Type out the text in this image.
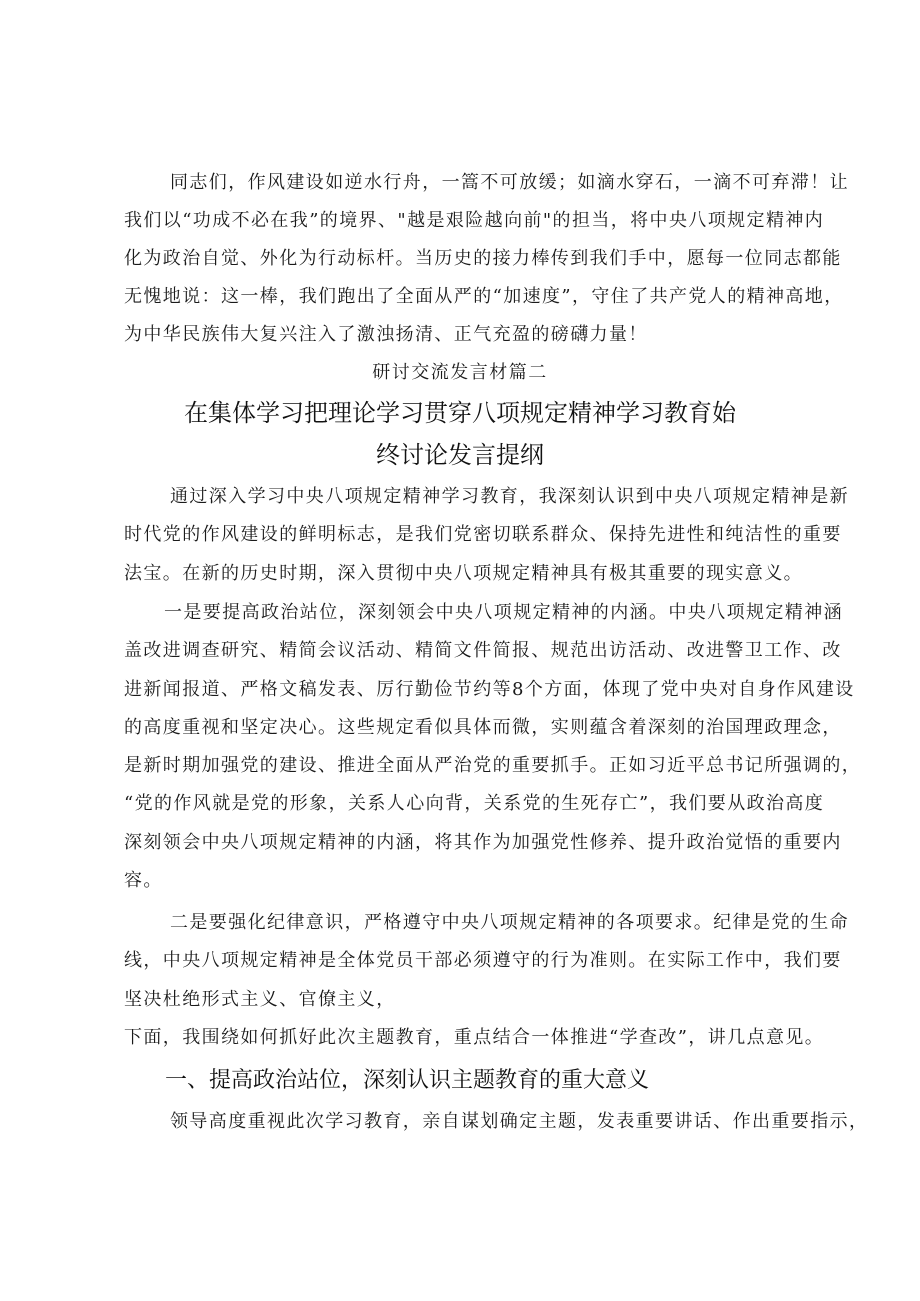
同志们，作风建设如逆水行舟，一篙不可放缓；如滴水穿石，一滴不可弃滞！让
我们以“功成不必在我”的境界、"越是艰险越向前"的担当，将中央八项规定精神内
化为政治自觉、外化为行动标杆。当历史的接力棒传到我们手中，愿每一位同志都能
无愧地说：这一棒，我们跑出了全面从严的“加速度”，守住了共产党人的精神高地，
为中华民族伟大复兴注入了激浊扬清、正气充盈的磅礴力量！
研讨交流发言材篇二
在集体学习把理论学习贯穿八项规定精神学习教育始
终讨论发言提纲
通过深入学习中央八项规定精神学习教育，我深刻认识到中央八项规定精神是新
时代党的作风建设的鲜明标志，是我们党密切联系群众、保持先进性和纯洁性的重要
法宝。在新的历史时期，深入贯彻中央八项规定精神具有极其重要的现实意义。
一是要提高政治站位，深刻领会中央八项规定精神的内涵。中央八项规定精神涵
盖改进调查研究、精简会议活动、精简文件简报、规范出访活动、改进警卫工作、改
进新闻报道、严格文稿发表、厉行勤俭节约等8个方面，体现了党中央对自身作风建设
的高度重视和坚定决心。这些规定看似具体而微，实则蕴含着深刻的治国理政理念，
是新时期加强党的建设、推进全面从严治党的重要抓手。正如习近平总书记所强调的，
“党的作风就是党的形象，关系人心向背，关系党的生死存亡”，我们要从政治高度
深刻领会中央八项规定精神的内涵，将其作为加强党性修养、提升政治觉悟的重要内
容。
二是要强化纪律意识，严格遵守中央八项规定精神的各项要求。纪律是党的生命
线，中央八项规定精神是全体党员干部必须遵守的行为准则。在实际工作中，我们要
坚决杜绝形式主义、官僚主义，
下面，我围绕如何抓好此次主题教育，重点结合一体推进“学查改”，讲几点意见。
一、提高政治站位，深刻认识主题教育的重大意义
领导高度重视此次学习教育，亲自谋划确定主题，发表重要讲话、作出重要指示，
